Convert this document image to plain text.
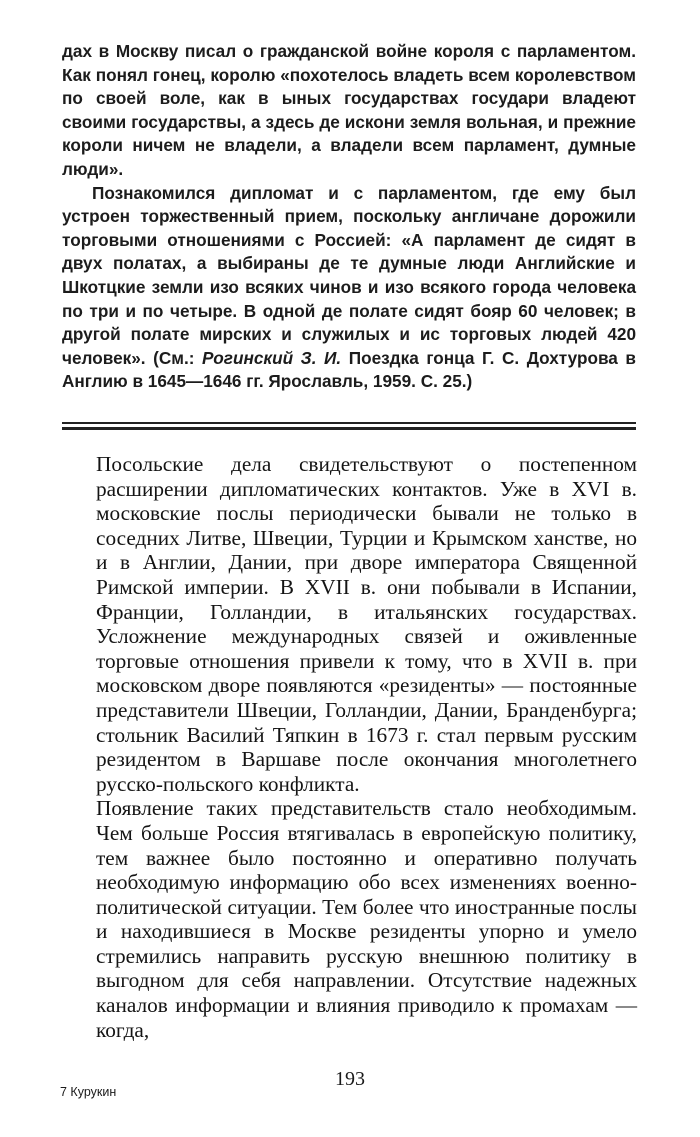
дах в Москву писал о гражданской войне короля с парламентом. Как понял гонец, королю «похотелось владеть всем королевством по своей воле, как в ыных государствах государи владеют своими государствы, а здесь де искони земля вольная, и прежние короли ничем не владели, а владели всем парламент, думные люди».

Познакомился дипломат и с парламентом, где ему был устроен торжественный прием, поскольку англичане дорожили торговыми отношениями с Россией: «А парламент де сидят в двух полатах, а выбираны де те думные люди Английские и Шкотцкие земли изо всяких чинов и изо всякого города человека по три и по четыре. В одной де полате сидят бояр 60 человек; в другой полате мирских и служилых и ис торговых людей 420 человек». (См.: Рогинский З. И. Поездка гонца Г. С. Дохтурова в Англию в 1645—1646 гг. Ярославль, 1959. С. 25.)

Посольские дела свидетельствуют о постепенном расширении дипломатических контактов. Уже в XVI в. московские послы периодически бывали не только в соседних Литве, Швеции, Турции и Крымском ханстве, но и в Англии, Дании, при дворе императора Священной Римской империи. В XVII в. они побывали в Испании, Франции, Голландии, в итальянских государствах. Усложнение международных связей и оживленные торговые отношения привели к тому, что в XVII в. при московском дворе появляются «резиденты» — постоянные представители Швеции, Голландии, Дании, Бранденбурга; стольник Василий Тяпкин в 1673 г. стал первым русским резидентом в Варшаве после окончания многолетнего русско-польского конфликта.

Появление таких представительств стало необходимым. Чем больше Россия втягивалась в европейскую политику, тем важнее было постоянно и оперативно получать необходимую информацию обо всех изменениях военно-политической ситуации. Тем более что иностранные послы и находившиеся в Москве резиденты упорно и умело стремились направить русскую внешнюю политику в выгодном для себя направлении. Отсутствие надежных каналов информации и влияния приводило к промахам — когда,

193
7 Курукин
